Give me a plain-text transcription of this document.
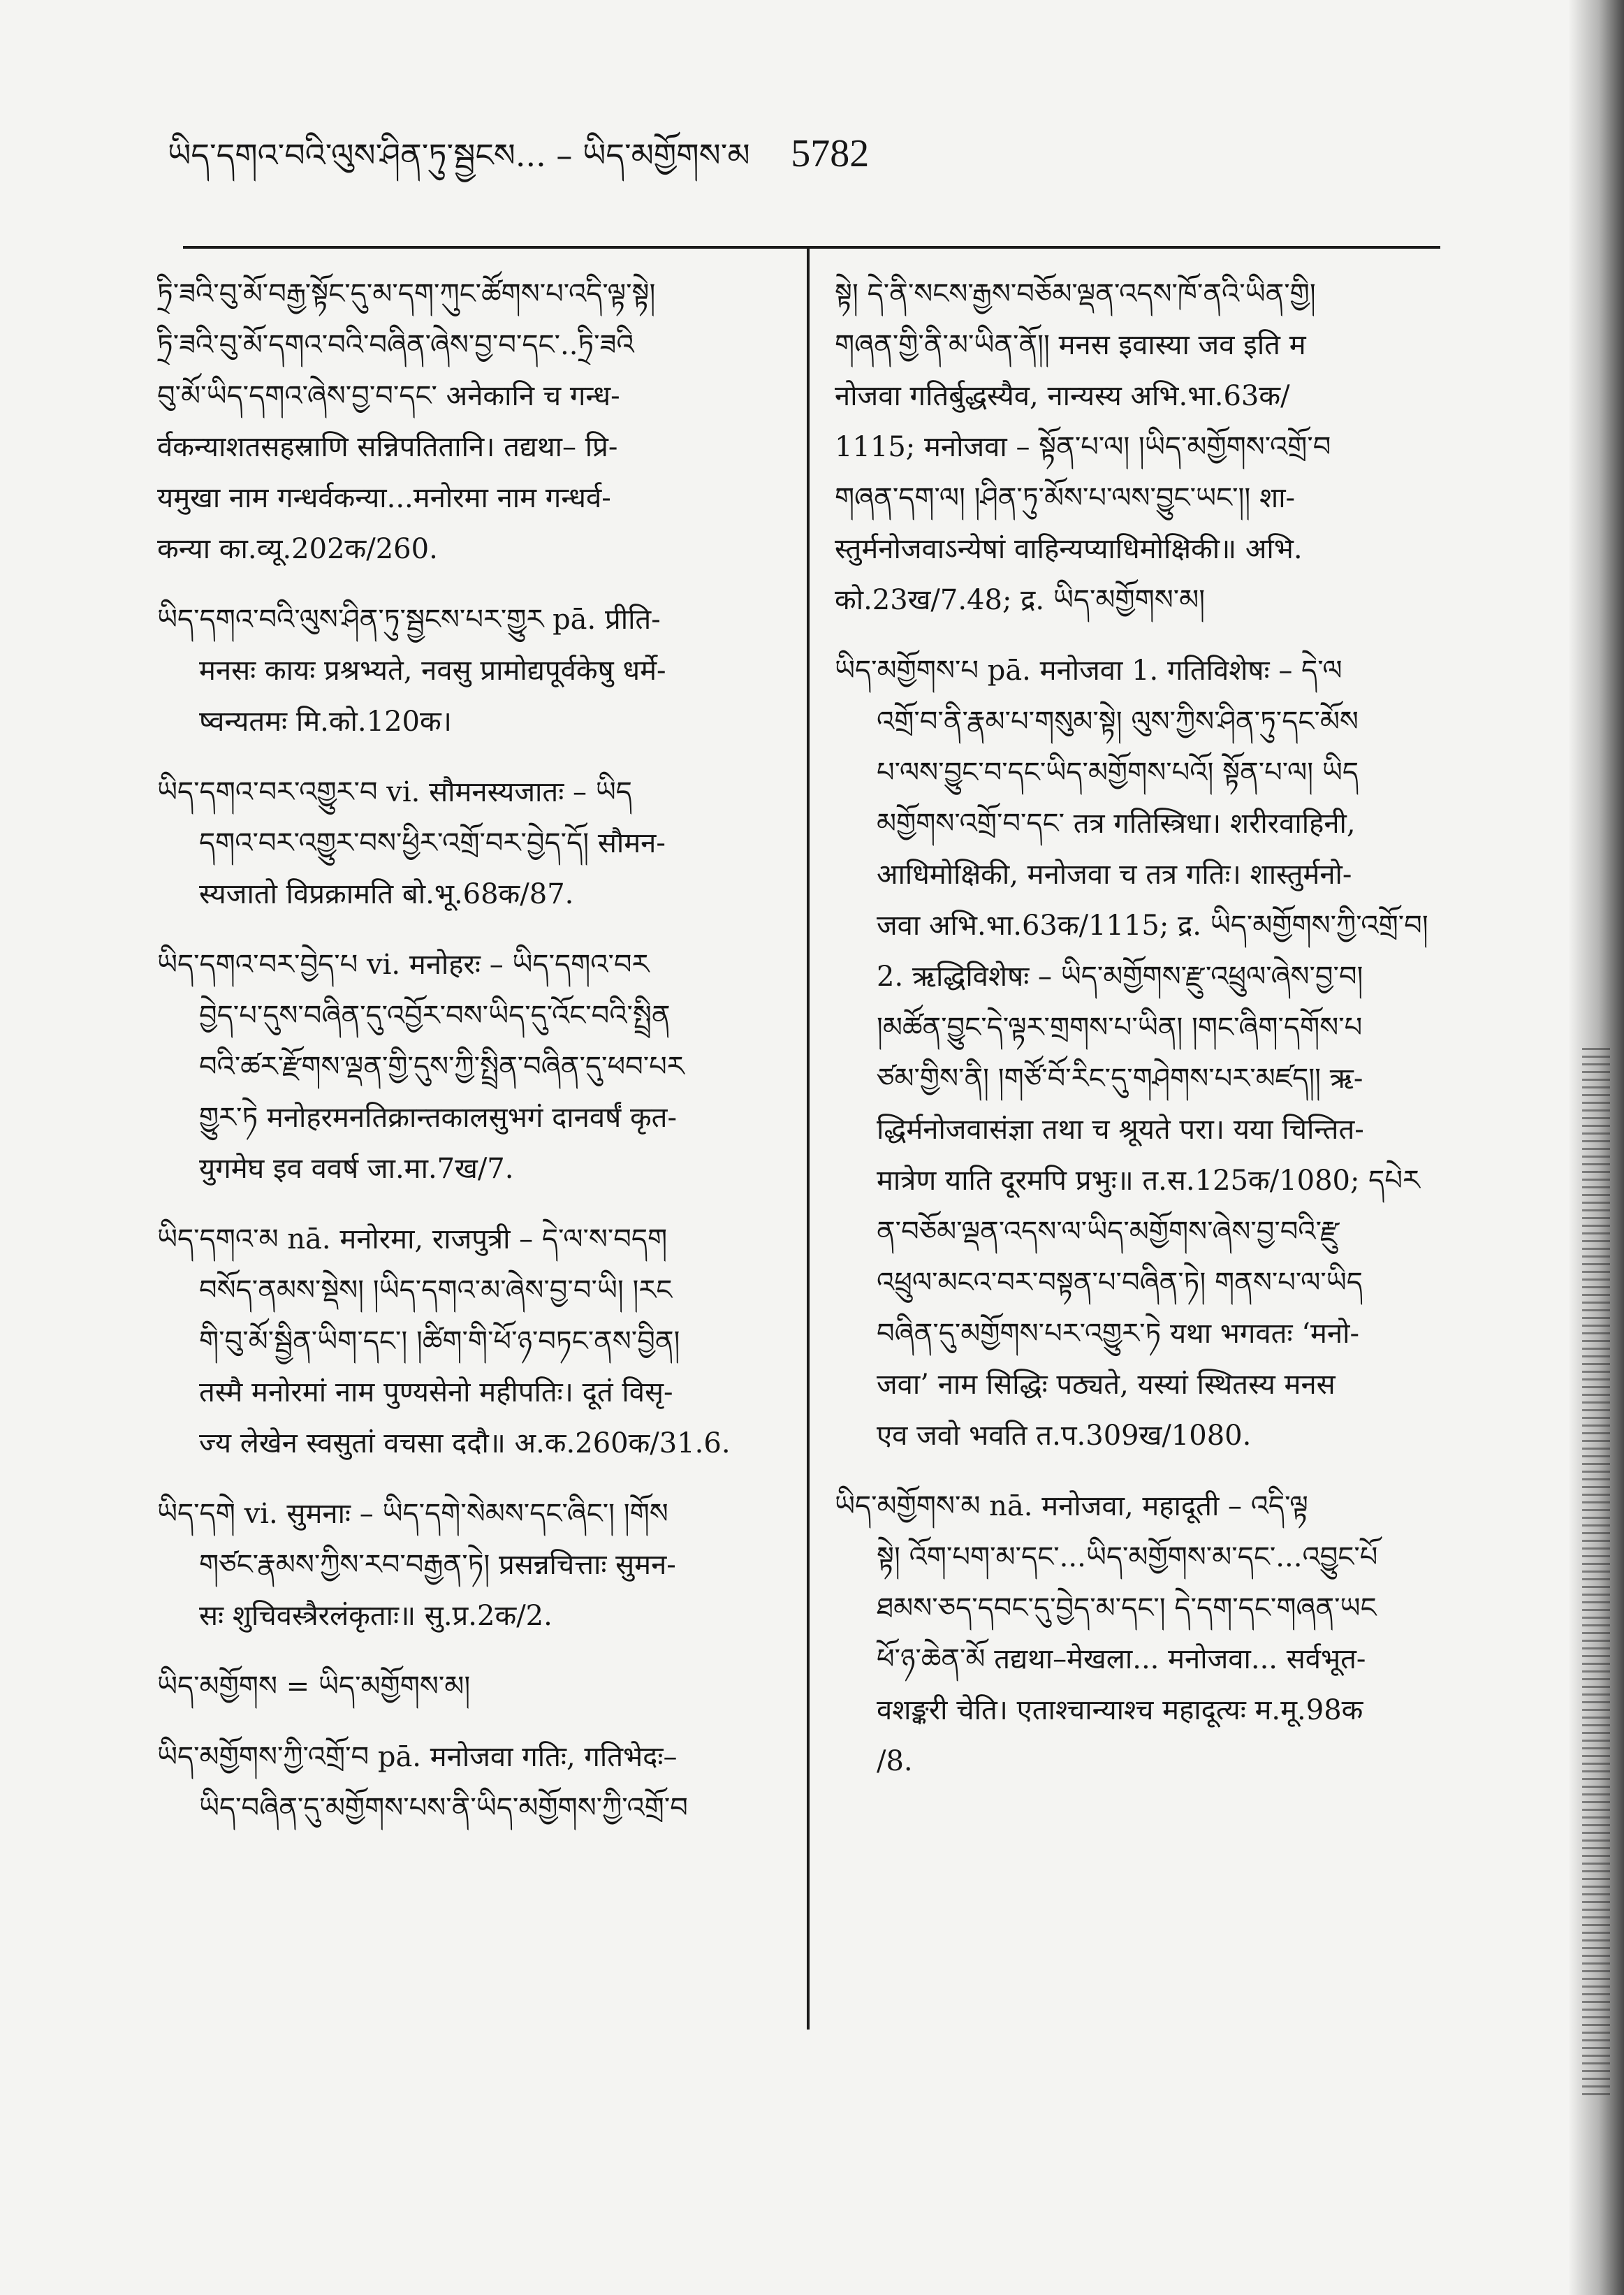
ཡིད་དགའ་བའི་ལུས་ཤིན་ཏུ་སྦྱངས... – ཡིད་མགྱོགས་མ 5782
ཏྲི་ཟའི་བུ་མོ་བརྒྱ་སྟོང་དུ་མ་དག་ཀུང་ཚོགས་པ་འདི་ལྟ་སྟེ།
ཏྲི་ཟའི་བུ་མོ་དགའ་བའི་བཞིན་ཞེས་བྱ་བ་དང་..ཏྲི་ཟའི
བུ་མོ་ཡིད་དགའ་ཞེས་བྱ་བ་དང་ अनेकानि च गन्ध-
र्वकन्याशतसहस्राणि सन्निपतितानि। तद्यथा– प्रि-
यमुखा नाम गन्धर्वकन्या...मनोरमा नाम गन्धर्व-
कन्या का.व्यू.202क/260.
ཡིད་དགའ་བའི་ལུས་ཤིན་ཏུ་སྦྱངས་པར་གྱུར pā. प्रीति-
मनसः कायः प्रश्रभ्यते, नवसु प्रामोद्यपूर्वकेषु धर्मे-
ष्वन्यतमः मि.को.120क।
ཡིད་དགའ་བར་འགྱུར་བ vi. सौमनस्यजातः – ཡིད
དགའ་བར་འགྱུར་བས་ཕྱིར་འགྲོ་བར་བྱེད་དོ། सौमन-
स्यजातो विप्रक्रामति बो.भू.68क/87.
ཡིད་དགའ་བར་བྱེད་པ vi. मनोहरः – ཡིད་དགའ་བར
བྱེད་པ་དུས་བཞིན་དུ་འབྱོར་བས་ཡིད་དུ་འོང་བའི་སྤྲིན
བའི་ཚར་རྫོགས་ལྡན་གྱི་དུས་ཀྱི་སྤྲིན་བཞིན་དུ་ཕབ་པར
གྱུར་ཏེ मनोहरमनतिक्रान्तकालसुभगं दानवर्षं कृत-
युगमेघ इव ववर्ष जा.मा.7ख/7.
ཡིད་དགའ་མ nā. मनोरमा, राजपुत्री – དེ་ལ་ས་བདག
བསོད་ནམས་སྡེས། །ཡིད་དགའ་མ་ཞེས་བྱ་བ་ཡི། །རང
གི་བུ་མོ་སྦྱིན་ཡིག་དང་། །ཚིག་གི་ཕོ་ཉ་བཏང་ནས་བྱིན།
तस्मै मनोरमां नाम पुण्यसेनो महीपतिः। दूतं विसृ-
ज्य लेखेन स्वसुतां वचसा ददौ॥ अ.क.260क/31.6.
ཡིད་དགེ vi. सुमनाः – ཡིད་དགེ་སེམས་དང་ཞིང་། །གོས
གཙང་རྣམས་ཀྱིས་རབ་བརྒྱན་ཏེ། प्रसन्नचित्ताः सुमन-
सः शुचिवस्त्रैरलंकृताः॥ सु.प्र.2क/2.
ཡིད་མགྱོགས = ཡིད་མགྱོགས་མ།
ཡིད་མགྱོགས་ཀྱི་འགྲོ་བ pā. मनोजवा गतिः, गतिभेदः–
ཡིད་བཞིན་དུ་མགྱོགས་པས་ནི་ཡིད་མགྱོགས་ཀྱི་འགྲོ་བ
སྟེ། དེ་ནི་སངས་རྒྱས་བཅོམ་ལྡན་འདས་ཁོ་ནའི་ཡིན་གྱི།
གཞན་གྱི་ནི་མ་ཡིན་ནོ།། मनस इवास्या जव इति म
नोजवा गतिर्बुद्धस्यैव, नान्यस्य अभि.भा.63क/
1115; मनोजवा – སྟོན་པ་ལ། །ཡིད་མགྱོགས་འགྲོ་བ
གཞན་དག་ལ། །ཤིན་ཏུ་མོས་པ་ལས་བྱུང་ཡང་།། शा-
स्तुर्मनोजवाऽन्येषां वाहिन्यप्याधिमोक्षिकी॥ अभि.
को.23ख/7.48; द्र. ཡིད་མགྱོགས་མ།
ཡིད་མགྱོགས་པ pā. मनोजवा 1. गतिविशेषः – དེ་ལ
འགྲོ་བ་ནི་རྣམ་པ་གསུམ་སྟེ། ལུས་ཀྱིས་ཤིན་ཏུ་དང་མོས
པ་ལས་བྱུང་བ་དང་ཡིད་མགྱོགས་པའོ། སྟོན་པ་ལ། ཡིད
མགྱོགས་འགྲོ་བ་དང་ तत्र गतिस्त्रिधा। शरीरवाहिनी,
आधिमोक्षिकी, मनोजवा च तत्र गतिः। शास्तुर्मनो-
जवा अभि.भा.63क/1115; द्र. ཡིད་མགྱོགས་ཀྱི་འགྲོ་བ།
2. ऋद्धिविशेषः – ཡིད་མགྱོགས་རྫུ་འཕྲུལ་ཞེས་བྱ་བ།
།མཚོན་བྱུང་དེ་ལྟར་གྲགས་པ་ཡིན། །གང་ཞིག་དགོས་པ
ཙམ་གྱིས་ནི། །གཙོ་བོ་རིང་དུ་གཤེགས་པར་མཛད།། ऋ-
द्धिर्मनोजवासंज्ञा तथा च श्रूयते परा। यया चिन्तित-
मात्रेण याति दूरमपि प्रभुः॥ त.स.125क/1080; དཔེར
ན་བཅོམ་ལྡན་འདས་ལ་ཡིད་མགྱོགས་ཞེས་བྱ་བའི་རྫུ
འཕྲུལ་མངའ་བར་བསྟན་པ་བཞིན་ཏེ། གནས་པ་ལ་ཡིད
བཞིན་དུ་མགྱོགས་པར་འགྱུར་ཏེ यथा भगवतः ‘मनो-
जवा’ नाम सिद्धिः पठ्यते, यस्यां स्थितस्य मनस
एव जवो भवति त.प.309ख/1080.
ཡིད་མགྱོགས་མ nā. मनोजवा, महादूती – འདི་ལྟ
སྟེ། འོག་པག་མ་དང་...ཡིད་མགྱོགས་མ་དང་...འབྱུང་པོ
ཐམས་ཅད་དབང་དུ་བྱེད་མ་དང་། དེ་དག་དང་གཞན་ཡང
ཕོ་ཉ་ཆེན་མོ तद्यथा–मेखला... मनोजवा... सर्वभूत-
वशङ्करी चेति। एताश्चान्याश्च महादूत्यः म.मू.98क
/8.
